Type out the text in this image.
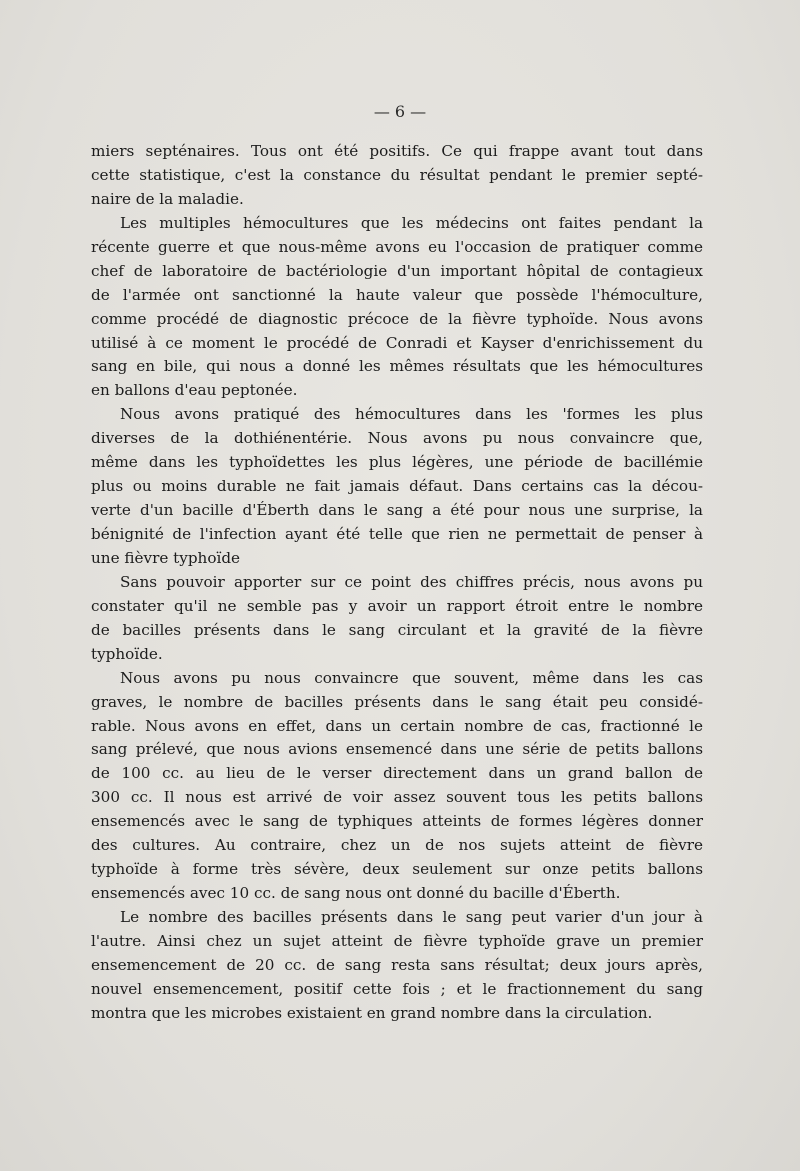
— 6 —

miers septénaires. Tous ont été positifs. Ce qui frappe avant tout dans
cette statistique, c'est la constance du résultat pendant le premier septé-
naire de la maladie.

Les multiples hémocultures que les médecins ont faites pendant la
récente guerre et que nous-même avons eu l'occasion de pratiquer comme
chef de laboratoire de bactériologie d'un important hôpital de contagieux
de l'armée ont sanctionné la haute valeur que possède l'hémoculture,
comme procédé de diagnostic précoce de la fièvre typhoïde. Nous avons
utilisé à ce moment le procédé de Conradi et Kayser d'enrichissement du
sang en bile, qui nous a donné les mêmes résultats que les hémocultures
en ballons d'eau peptonée.

Nous avons pratiqué des hémocultures dans les 'formes les plus
diverses de la dothiénentérie. Nous avons pu nous convaincre que,
même dans les typhoïdettes les plus légères, une période de bacillémie
plus ou moins durable ne fait jamais défaut. Dans certains cas la décou-
verte d'un bacille d'Éberth dans le sang a été pour nous une surprise, la
bénignité de l'infection ayant été telle que rien ne permettait de penser à
une fièvre typhoïde

Sans pouvoir apporter sur ce point des chiffres précis, nous avons pu
constater qu'il ne semble pas y avoir un rapport étroit entre le nombre
de bacilles présents dans le sang circulant et la gravité de la fièvre
typhoïde.

Nous avons pu nous convaincre que souvent, même dans les cas
graves, le nombre de bacilles présents dans le sang était peu considé-
rable. Nous avons en effet, dans un certain nombre de cas, fractionné le
sang prélevé, que nous avions ensemencé dans une série de petits ballons
de 100 cc. au lieu de le verser directement dans un grand ballon de
300 cc. Il nous est arrivé de voir assez souvent tous les petits ballons
ensemencés avec le sang de typhiques atteints de formes légères donner
des cultures. Au contraire, chez un de nos sujets atteint de fièvre
typhoïde à forme très sévère, deux seulement sur onze petits ballons
ensemencés avec 10 cc. de sang nous ont donné du bacille d'Éberth.

Le nombre des bacilles présents dans le sang peut varier d'un jour à
l'autre. Ainsi chez un sujet atteint de fièvre typhoïde grave un premier
ensemencement de 20 cc. de sang resta sans résultat; deux jours après,
nouvel ensemencement, positif cette fois ; et le fractionnement du sang
montra que les microbes existaient en grand nombre dans la circulation.
